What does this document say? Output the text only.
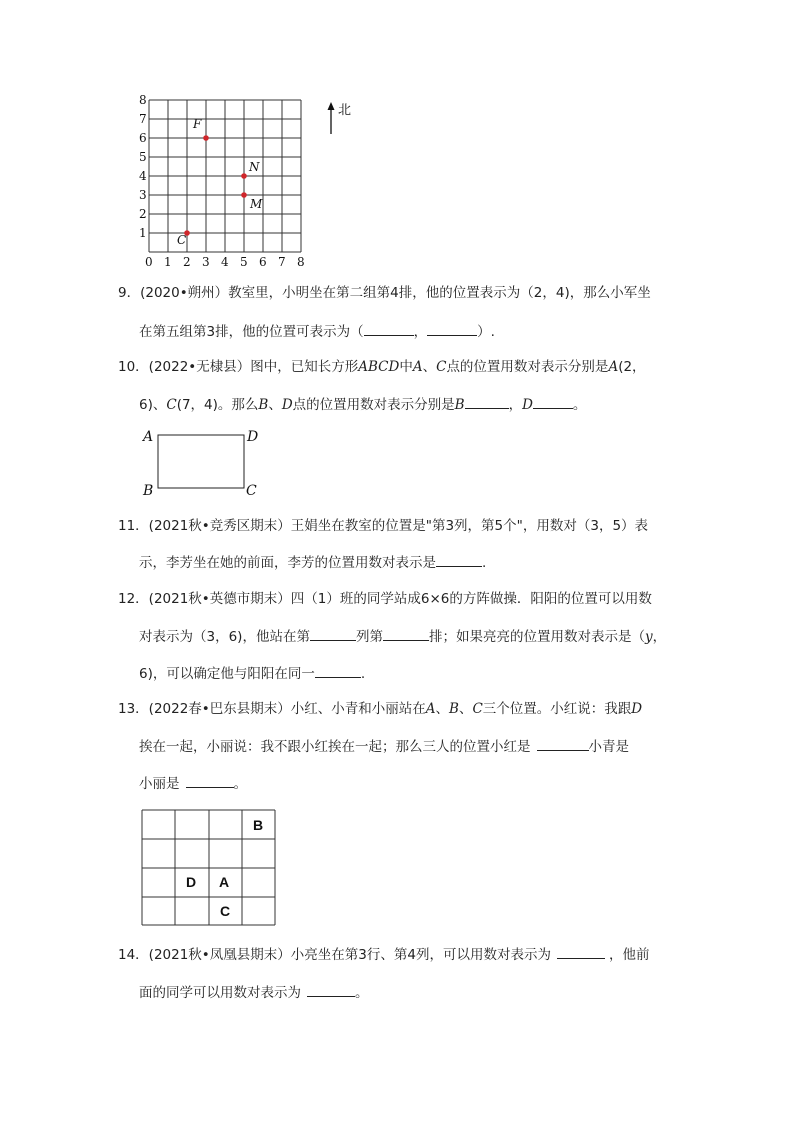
8
7
6
5
4
3
2
1
0 1 2 3 4 5 6 7 8
F
N
M
C
北
9．(2020•朔州）教室里，小明坐在第二组第4排，他的位置表示为（2，4)，那么小军坐
在第五组第3排，他的位置可表示为（	，	）.
10．(2022•无棣县）图中，已知长方形ABCD中A、C点的位置用数对表示分别是A(2，
6)、C(7，4)。那么B、D点的位置用数对表示分别是B	，D	。
A	D
B	C
11．(2021秋•竞秀区期末）王娟坐在教室的位置是"第3列，第5个"，用数对（3，5）表
示，李芳坐在她的前面，李芳的位置用数对表示是	.
12．(2021秋•英德市期末）四（1）班的同学站成6×6的方阵做操．阳阳的位置可以用数
对表示为（3，6)，他站在第	列第	排；如果亮亮的位置用数对表示是（y，
6)，可以确定他与阳阳在同一	.
13．(2022春•巴东县期末）小红、小青和小丽站在A、B、C三个位置。小红说：我跟D
挨在一起，小丽说：我不跟小红挨在一起；那么三人的位置小红是	小青是
小丽是	。
B
D A
C
14．(2021秋•凤凰县期末）小亮坐在第3行、第4列，可以用数对表示为	，他前
面的同学可以用数对表示为	。
